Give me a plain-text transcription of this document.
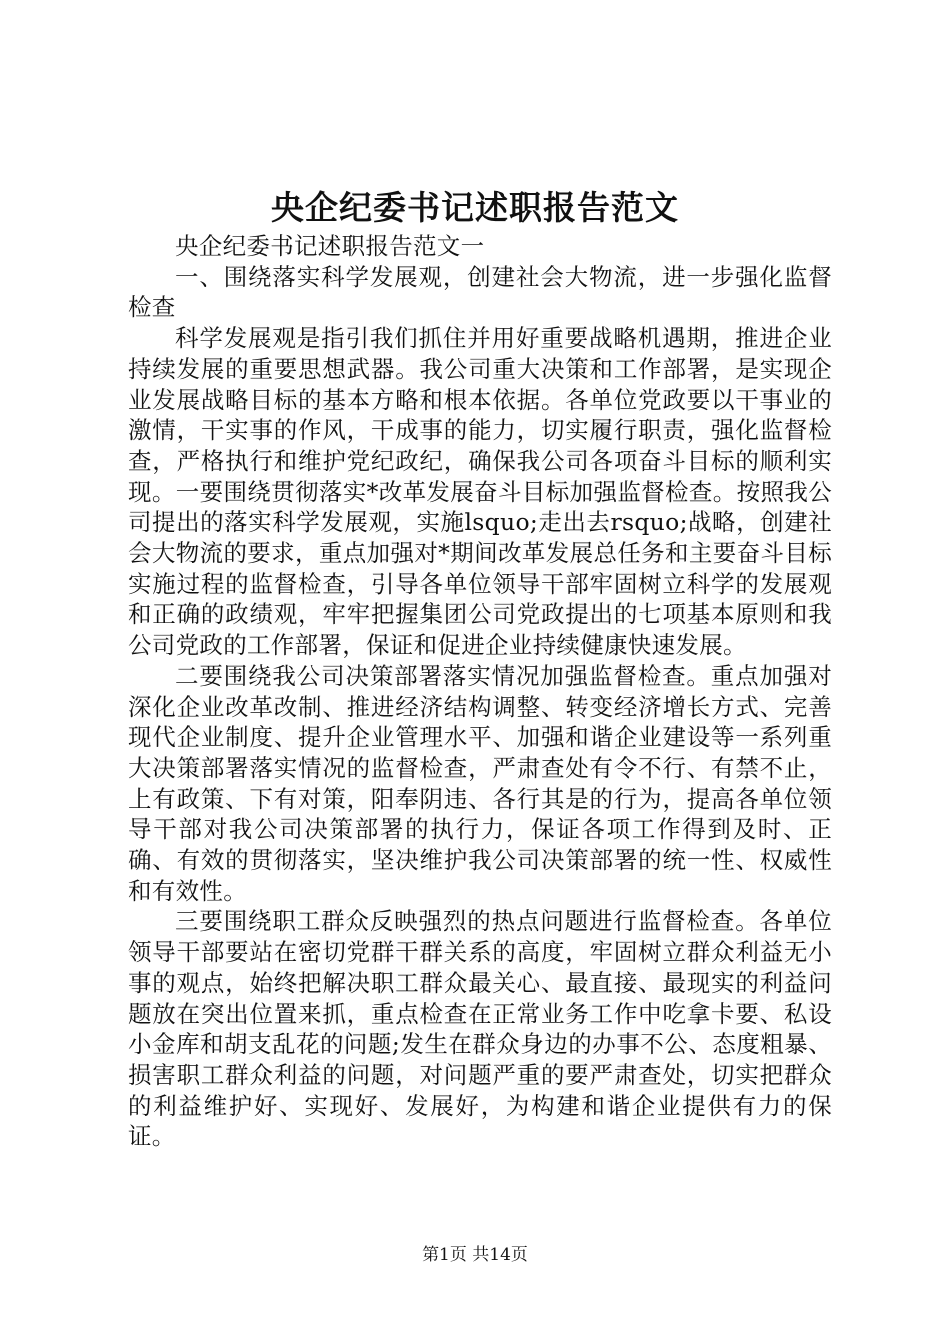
央企纪委书记述职报告范文

央企纪委书记述职报告范文一

一、围绕落实科学发展观，创建社会大物流，进一步强化监督检查

科学发展观是指引我们抓住并用好重要战略机遇期，推进企业持续发展的重要思想武器。我公司重大决策和工作部署，是实现企业发展战略目标的基本方略和根本依据。各单位党政要以干事业的激情，干实事的作风，干成事的能力，切实履行职责，强化监督检查，严格执行和维护党纪政纪，确保我公司各项奋斗目标的顺利实现。一要围绕贯彻落实*改革发展奋斗目标加强监督检查。按照我公司提出的落实科学发展观，实施lsquo;走出去rsquo;战略，创建社会大物流的要求，重点加强对*期间改革发展总任务和主要奋斗目标实施过程的监督检查，引导各单位领导干部牢固树立科学的发展观和正确的政绩观，牢牢把握集团公司党政提出的七项基本原则和我公司党政的工作部署，保证和促进企业持续健康快速发展。

二要围绕我公司决策部署落实情况加强监督检查。重点加强对深化企业改革改制、推进经济结构调整、转变经济增长方式、完善现代企业制度、提升企业管理水平、加强和谐企业建设等一系列重大决策部署落实情况的监督检查，严肃查处有令不行、有禁不止，上有政策、下有对策，阳奉阴违、各行其是的行为，提高各单位领导干部对我公司决策部署的执行力，保证各项工作得到及时、正确、有效的贯彻落实，坚决维护我公司决策部署的统一性、权威性和有效性。

三要围绕职工群众反映强烈的热点问题进行监督检查。各单位领导干部要站在密切党群干群关系的高度，牢固树立群众利益无小事的观点，始终把解决职工群众最关心、最直接、最现实的利益问题放在突出位置来抓，重点检查在正常业务工作中吃拿卡要、私设小金库和胡支乱花的问题;发生在群众身边的办事不公、态度粗暴、损害职工群众利益的问题，对问题严重的要严肃查处，切实把群众的利益维护好、实现好、发展好，为构建和谐企业提供有力的保证。

第1页 共14页
